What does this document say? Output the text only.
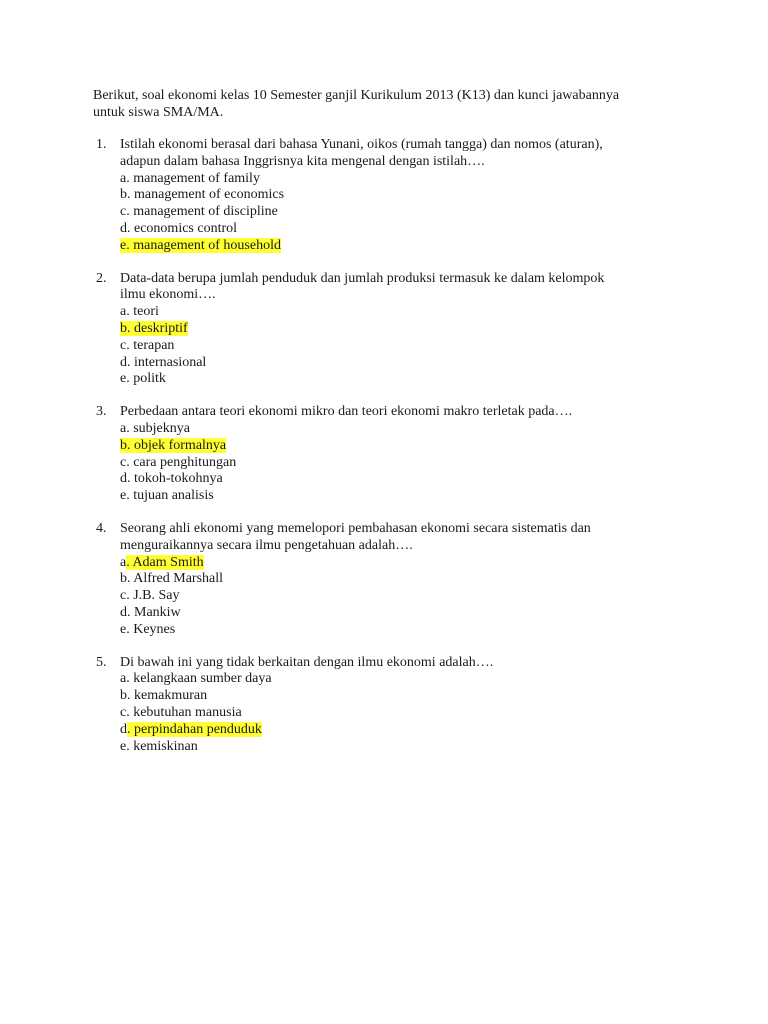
Berikut, soal ekonomi kelas 10 Semester ganjil Kurikulum 2013 (K13) dan kunci jawabannya

untuk siswa SMA/MA.

1. Istilah ekonomi berasal dari bahasa Yunani, oikos (rumah tangga) dan nomos (aturan),

adapun dalam bahasa Inggrisnya kita mengenal dengan istilah….

a. management of family
b. management of economics
c. management of discipline
d. economics control
e. management of household
2. Data-data berupa jumlah penduduk dan jumlah produksi termasuk ke dalam kelompok

ilmu ekonomi….

a. teori
b. deskriptif
c. terapan
d. internasional
e. politk
3. Perbedaan antara teori ekonomi mikro dan teori ekonomi makro terletak pada….

a. subjeknya
b. objek formalnya
c. cara penghitungan
d. tokoh-tokohnya
e. tujuan analisis
4. Seorang ahli ekonomi yang memelopori pembahasan ekonomi secara sistematis dan

menguraikannya secara ilmu pengetahuan adalah….

a. Adam Smith
b. Alfred Marshall
c. J.B. Say
d. Mankiw
e. Keynes
5. Di bawah ini yang tidak berkaitan dengan ilmu ekonomi adalah….

a. kelangkaan sumber daya
b. kemakmuran
c. kebutuhan manusia
d. perpindahan penduduk
e. kemiskinan
